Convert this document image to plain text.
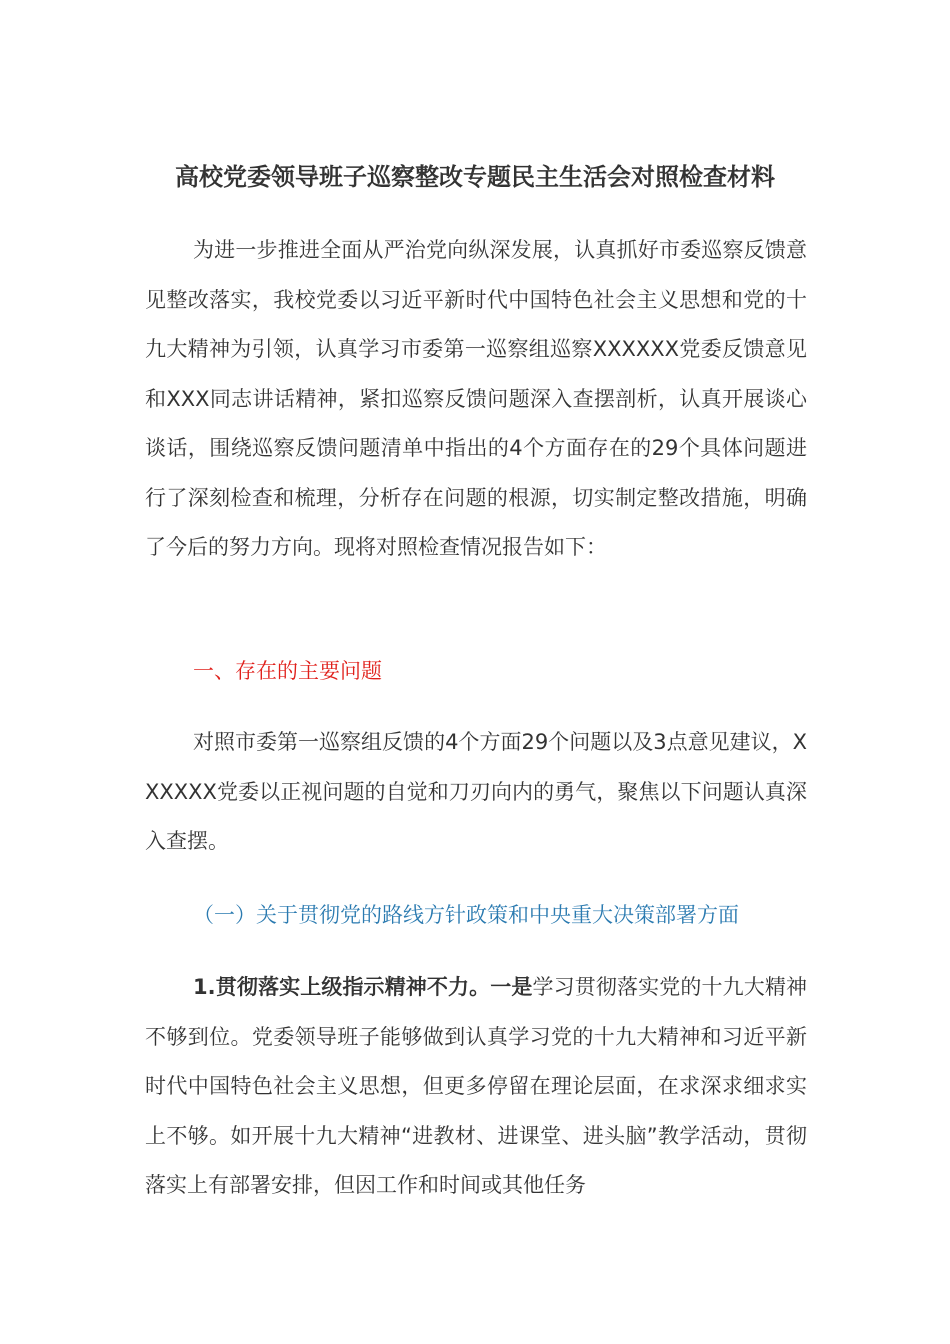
高校党委领导班子巡察整改专题民主生活会对照检查材料

为进一步推进全面从严治党向纵深发展，认真抓好市委巡察反馈意见整改落实，我校党委以习近平新时代中国特色社会主义思想和党的十九大精神为引领，认真学习市委第一巡察组巡察XXXXXX党委反馈意见和XXX同志讲话精神，紧扣巡察反馈问题深入查摆剖析，认真开展谈心谈话，围绕巡察反馈问题清单中指出的4个方面存在的29个具体问题进行了深刻检查和梳理，分析存在问题的根源，切实制定整改措施，明确了今后的努力方向。现将对照检查情况报告如下：

一、存在的主要问题

对照市委第一巡察组反馈的4个方面29个问题以及3点意见建议，XXXXXX党委以正视问题的自觉和刀刃向内的勇气，聚焦以下问题认真深入查摆。

（一）关于贯彻党的路线方针政策和中央重大决策部署方面

1.贯彻落实上级指示精神不力。一是学习贯彻落实党的十九大精神不够到位。党委领导班子能够做到认真学习党的十九大精神和习近平新时代中国特色社会主义思想，但更多停留在理论层面，在求深求细求实上不够。如开展十九大精神“进教材、进课堂、进头脑”教学活动，贯彻落实上有部署安排，但因工作和时间或其他任务
